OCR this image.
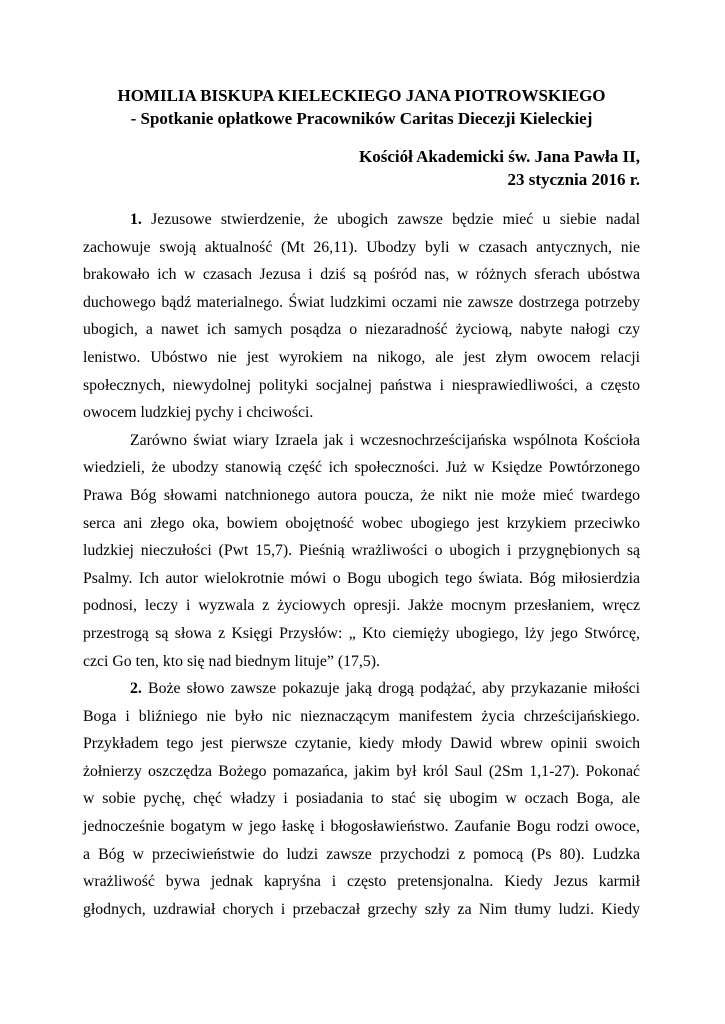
HOMILIA BISKUPA KIELECKIEGO JANA PIOTROWSKIEGO
- Spotkanie opłatkowe Pracowników Caritas Diecezji Kieleckiej
Kościół Akademicki św. Jana Pawła II,
23 stycznia 2016 r.
1. Jezusowe stwierdzenie, że ubogich zawsze będzie mieć u siebie nadal
zachowuje swoją aktualność (Mt 26,11). Ubodzy byli w czasach antycznych, nie
brakowało ich w czasach Jezusa i dziś są pośród nas, w różnych sferach ubóstwa
duchowego bądź materialnego. Świat ludzkimi oczami nie zawsze dostrzega potrzeby
ubogich, a nawet ich samych posądza o niezaradność życiową, nabyte nałogi czy
lenistwo. Ubóstwo nie jest wyrokiem na nikogo, ale jest złym owocem relacji
społecznych, niewydolnej polityki socjalnej państwa i niesprawiedliwości, a często
owocem ludzkiej pychy i chciwości.
Zarówno świat wiary Izraela jak i wczesnochrześcijańska wspólnota Kościoła
wiedzieli, że ubodzy stanowią część ich społeczności. Już w Księdze Powtórzonego
Prawa Bóg słowami natchnionego autora poucza, że nikt nie może mieć twardego
serca ani złego oka, bowiem obojętność wobec ubogiego jest krzykiem przeciwko
ludzkiej nieczułości (Pwt 15,7). Pieśnią wrażliwości o ubogich i przygnębionych są
Psalmy. Ich autor wielokrotnie mówi o Bogu ubogich tego świata. Bóg miłosierdzia
podnosi, leczy i wyzwala z życiowych opresji. Jakże mocnym przesłaniem, wręcz
przestrogą są słowa z Księgi Przysłów: „ Kto ciemięży ubogiego, lży jego Stwórcę,
czci Go ten, kto się nad biednym lituje” (17,5).
2. Boże słowo zawsze pokazuje jaką drogą podążać, aby przykazanie miłości
Boga i bliźniego nie było nic nieznaczącym manifestem życia chrześcijańskiego.
Przykładem tego jest pierwsze czytanie, kiedy młody Dawid wbrew opinii swoich
żołnierzy oszczędza Bożego pomazańca, jakim był król Saul (2Sm 1,1-27). Pokonać
w sobie pychę, chęć władzy i posiadania to stać się ubogim w oczach Boga, ale
jednocześnie bogatym w jego łaskę i błogosławieństwo. Zaufanie Bogu rodzi owoce,
a Bóg w przeciwieństwie do ludzi zawsze przychodzi z pomocą (Ps 80). Ludzka
wrażliwość bywa jednak kapryśna i często pretensjonalna. Kiedy Jezus karmił
głodnych, uzdrawiał chorych i przebaczał grzechy szły za Nim tłumy ludzi. Kiedy
